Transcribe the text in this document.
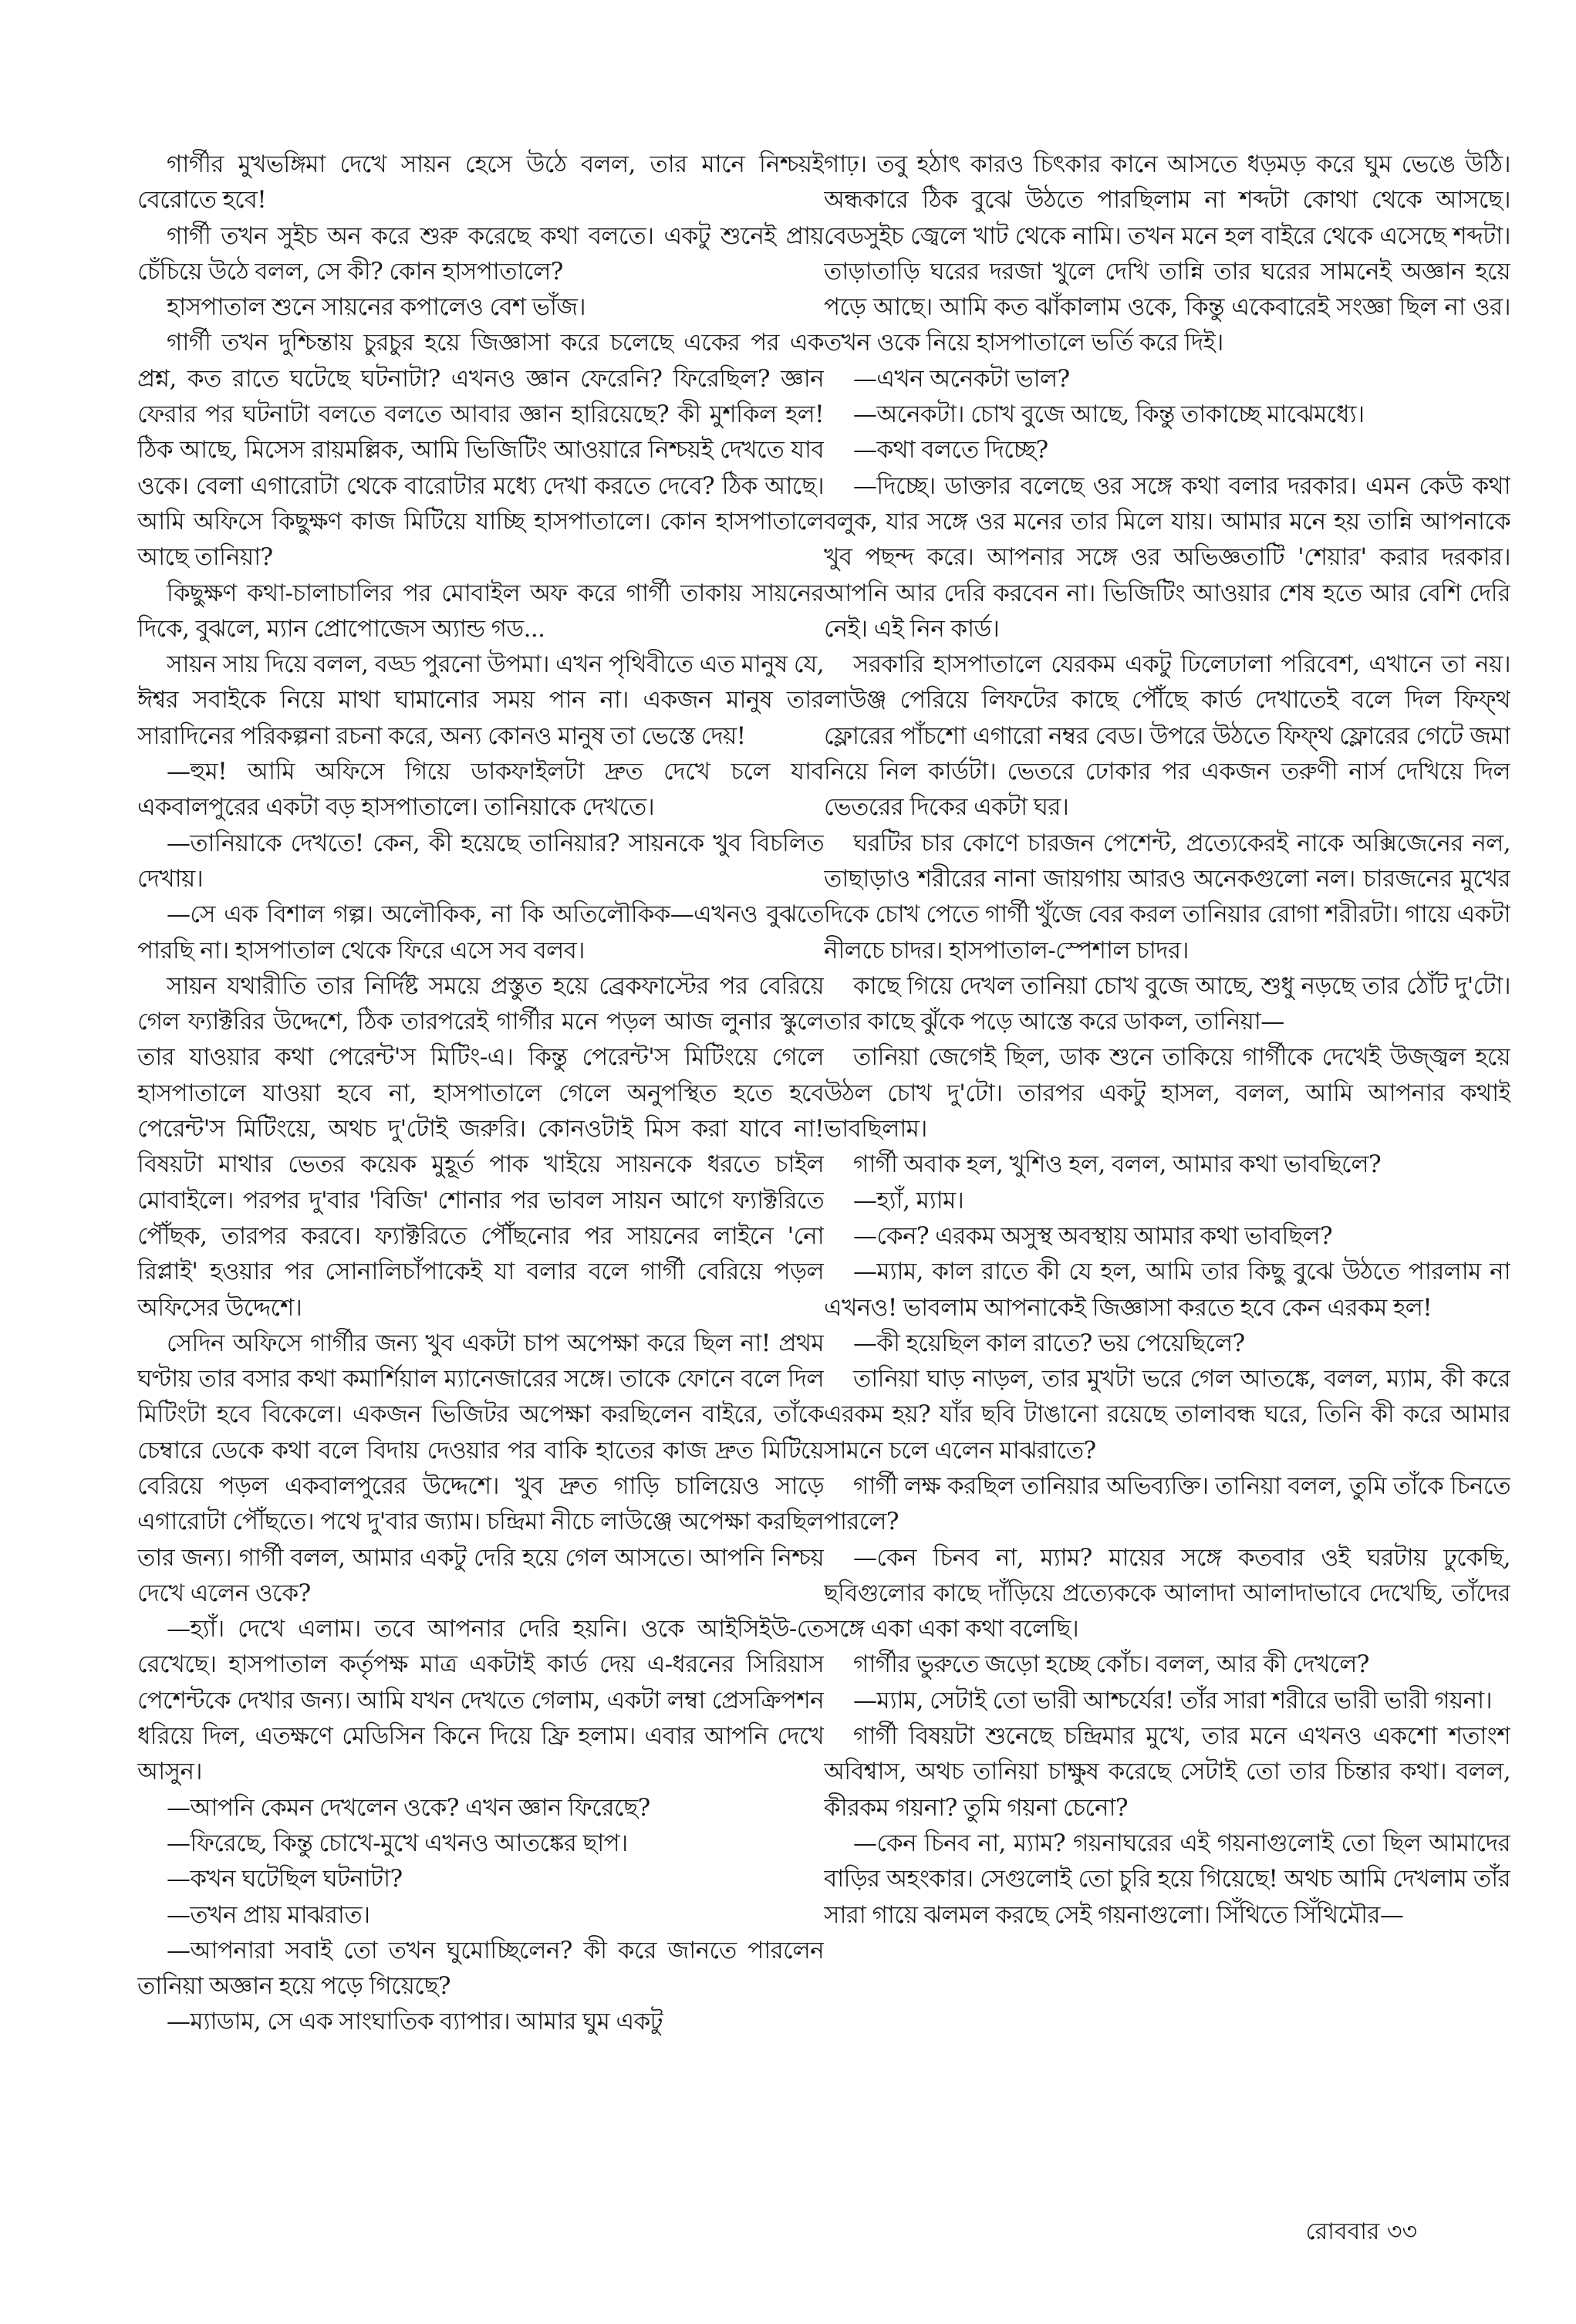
গার্গীর মুখভঙ্গিমা দেখে সায়ন হেসে উঠে বলল, তার মানে নিশ্চয়ই বেরোতে হবে!

গার্গী তখন সুইচ অন করে শুরু করেছে কথা বলতে। একটু শুনেই প্রায় চেঁচিয়ে উঠে বলল, সে কী? কোন হাসপাতালে?

হাসপাতাল শুনে সায়নের কপালেও বেশ ভাঁজ।

গার্গী তখন দুশ্চিন্তায় চুরচুর হয়ে জিজ্ঞাসা করে চলেছে একের পর এক প্রশ্ন, কত রাতে ঘটেছে ঘটনাটা? এখনও জ্ঞান ফেরেনি? ফিরেছিল? জ্ঞান ফেরার পর ঘটনাটা বলতে বলতে আবার জ্ঞান হারিয়েছে? কী মুশকিল হল! ঠিক আছে, মিসেস রায়মল্লিক, আমি ভিজিটিং আওয়ারে নিশ্চয়ই দেখতে যাব ওকে। বেলা এগারোটা থেকে বারোটার মধ্যে দেখা করতে দেবে? ঠিক আছে। আমি অফিসে কিছুক্ষণ কাজ মিটিয়ে যাচ্ছি হাসপাতালে। কোন হাসপাতালে আছে তানিয়া?

কিছুক্ষণ কথা-চালাচালির পর মোবাইল অফ করে গার্গী তাকায় সায়নের দিকে, বুঝলে, ম্যান প্রোপোজেস অ্যান্ড গড...

সায়ন সায় দিয়ে বলল, বড্ড পুরনো উপমা। এখন পৃথিবীতে এত মানুষ যে, ঈশ্বর সবাইকে নিয়ে মাথা ঘামানোর সময় পান না। একজন মানুষ তার সারাদিনের পরিকল্পনা রচনা করে, অন্য কোনও মানুষ তা ভেস্তে দেয়!

—হুম! আমি অফিসে গিয়ে ডাকফাইলটা দ্রুত দেখে চলে যাব একবালপুরের একটা বড় হাসপাতালে। তানিয়াকে দেখতে।

—তানিয়াকে দেখতে! কেন, কী হয়েছে তানিয়ার? সায়নকে খুব বিচলিত দেখায়।

—সে এক বিশাল গল্প। অলৌকিক, না কি অতিলৌকিক—এখনও বুঝতে পারছি না। হাসপাতাল থেকে ফিরে এসে সব বলব।

সায়ন যথারীতি তার নির্দিষ্ট সময়ে প্রস্তুত হয়ে ব্রেকফাস্টের পর বেরিয়ে গেল ফ্যাক্টরির উদ্দেশে, ঠিক তারপরেই গার্গীর মনে পড়ল আজ লুনার স্কুলে তার যাওয়ার কথা পেরেন্ট'স মিটিং-এ। কিন্তু পেরেন্ট'স মিটিংয়ে গেলে হাসপাতালে যাওয়া হবে না, হাসপাতালে গেলে অনুপস্থিত হতে হবে পেরেন্ট'স মিটিংয়ে, অথচ দু'টোই জরুরি। কোনওটাই মিস করা যাবে না! বিষয়টা মাথার ভেতর কয়েক মুহূর্ত পাক খাইয়ে সায়নকে ধরতে চাইল মোবাইলে। পরপর দু'বার 'বিজি' শোনার পর ভাবল সায়ন আগে ফ্যাক্টরিতে পৌঁছক, তারপর করবে। ফ্যাক্টরিতে পৌঁছনোর পর সায়নের লাইনে 'নো রিপ্লাই' হওয়ার পর সোনালিচাঁপাকেই যা বলার বলে গার্গী বেরিয়ে পড়ল অফিসের উদ্দেশে।

সেদিন অফিসে গার্গীর জন্য খুব একটা চাপ অপেক্ষা করে ছিল না! প্রথম ঘণ্টায় তার বসার কথা কমার্শিয়াল ম্যানেজারের সঙ্গে। তাকে ফোনে বলে দিল মিটিংটা হবে বিকেলে। একজন ভিজিটর অপেক্ষা করছিলেন বাইরে, তাঁকে চেম্বারে ডেকে কথা বলে বিদায় দেওয়ার পর বাকি হাতের কাজ দ্রুত মিটিয়ে বেরিয়ে পড়ল একবালপুরের উদ্দেশে। খুব দ্রুত গাড়ি চালিয়েও সাড়ে এগারোটা পৌঁছতে। পথে দু'বার জ্যাম। চন্দ্রিমা নীচে লাউঞ্জে অপেক্ষা করছিল তার জন্য। গার্গী বলল, আমার একটু দেরি হয়ে গেল আসতে। আপনি নিশ্চয় দেখে এলেন ওকে?

—হ্যাঁ। দেখে এলাম। তবে আপনার দেরি হয়নি। ওকে আইসিইউ-তে রেখেছে। হাসপাতাল কর্তৃপক্ষ মাত্র একটাই কার্ড দেয় এ-ধরনের সিরিয়াস পেশেন্টকে দেখার জন্য। আমি যখন দেখতে গেলাম, একটা লম্বা প্রেসক্রিপশন ধরিয়ে দিল, এতক্ষণে মেডিসিন কিনে দিয়ে ফ্রি হলাম। এবার আপনি দেখে আসুন।

—আপনি কেমন দেখলেন ওকে? এখন জ্ঞান ফিরেছে?

—ফিরেছে, কিন্তু চোখে-মুখে এখনও আতঙ্কের ছাপ।

—কখন ঘটেছিল ঘটনাটা?

—তখন প্রায় মাঝরাত।

—আপনারা সবাই তো তখন ঘুমোচ্ছিলেন? কী করে জানতে পারলেন তানিয়া অজ্ঞান হয়ে পড়ে গিয়েছে?

—ম্যাডাম, সে এক সাংঘাতিক ব্যাপার। আমার ঘুম একটু

গাঢ়। তবু হঠাৎ কারও চিৎকার কানে আসতে ধড়মড় করে ঘুম ভেঙে উঠি। অন্ধকারে ঠিক বুঝে উঠতে পারছিলাম না শব্দটা কোথা থেকে আসছে। বেডসুইচ জ্বেলে খাট থেকে নামি। তখন মনে হল বাইরে থেকে এসেছে শব্দটা। তাড়াতাড়ি ঘরের দরজা খুলে দেখি তান্নি তার ঘরের সামনেই অজ্ঞান হয়ে পড়ে আছে। আমি কত ঝাঁকালাম ওকে, কিন্তু একেবারেই সংজ্ঞা ছিল না ওর। তখন ওকে নিয়ে হাসপাতালে ভর্তি করে দিই।

—এখন অনেকটা ভাল?

—অনেকটা। চোখ বুজে আছে, কিন্তু তাকাচ্ছে মাঝেমধ্যে।

—কথা বলতে দিচ্ছে?

—দিচ্ছে। ডাক্তার বলেছে ওর সঙ্গে কথা বলার দরকার। এমন কেউ কথা বলুক, যার সঙ্গে ওর মনের তার মিলে যায়। আমার মনে হয় তান্নি আপনাকে খুব পছন্দ করে। আপনার সঙ্গে ওর অভিজ্ঞতাটি 'শেয়ার' করার দরকার। আপনি আর দেরি করবেন না। ভিজিটিং আওয়ার শেষ হতে আর বেশি দেরি নেই। এই নিন কার্ড।

সরকারি হাসপাতালে যেরকম একটু ঢিলেঢালা পরিবেশ, এখানে তা নয়। লাউঞ্জ পেরিয়ে লিফটের কাছে পৌঁছে কার্ড দেখাতেই বলে দিল ফিফ্থ ফ্লোরের পাঁচশো এগারো নম্বর বেড। উপরে উঠতে ফিফ্থ ফ্লোরের গেটে জমা নিয়ে নিল কার্ডটা। ভেতরে ঢোকার পর একজন তরুণী নার্স দেখিয়ে দিল ভেতরের দিকের একটা ঘর।

ঘরটির চার কোণে চারজন পেশেন্ট, প্রত্যেকেরই নাকে অক্সিজেনের নল, তাছাড়াও শরীরের নানা জায়গায় আরও অনেকগুলো নল। চারজনের মুখের দিকে চোখ পেতে গার্গী খুঁজে বের করল তানিয়ার রোগা শরীরটা। গায়ে একটা নীলচে চাদর। হাসপাতাল-স্পেশাল চাদর।

কাছে গিয়ে দেখল তানিয়া চোখ বুজে আছে, শুধু নড়ছে তার ঠোঁট দু'টো। তার কাছে ঝুঁকে পড়ে আস্তে করে ডাকল, তানিয়া—

তানিয়া জেগেই ছিল, ডাক শুনে তাকিয়ে গার্গীকে দেখেই উজ্জ্বল হয়ে উঠল চোখ দু'টো। তারপর একটু হাসল, বলল, আমি আপনার কথাই ভাবছিলাম।

গার্গী অবাক হল, খুশিও হল, বলল, আমার কথা ভাবছিলে?

—হ্যাঁ, ম্যাম।

—কেন? এরকম অসুস্থ অবস্থায় আমার কথা ভাবছিল?

—ম্যাম, কাল রাতে কী যে হল, আমি তার কিছু বুঝে উঠতে পারলাম না এখনও! ভাবলাম আপনাকেই জিজ্ঞাসা করতে হবে কেন এরকম হল!

—কী হয়েছিল কাল রাতে? ভয় পেয়েছিলে?

তানিয়া ঘাড় নাড়ল, তার মুখটা ভরে গেল আতঙ্কে, বলল, ম্যাম, কী করে এরকম হয়? যাঁর ছবি টাঙানো রয়েছে তালাবন্ধ ঘরে, তিনি কী করে আমার সামনে চলে এলেন মাঝরাতে?

গার্গী লক্ষ করছিল তানিয়ার অভিব্যক্তি। তানিয়া বলল, তুমি তাঁকে চিনতে পারলে?

—কেন চিনব না, ম্যাম? মায়ের সঙ্গে কতবার ওই ঘরটায় ঢুকেছি, ছবিগুলোর কাছে দাঁড়িয়ে প্রত্যেককে আলাদা আলাদাভাবে দেখেছি, তাঁদের সঙ্গে একা একা কথা বলেছি।

গার্গীর ভুরুতে জড়ো হচ্ছে কোঁচ। বলল, আর কী দেখলে?

—ম্যাম, সেটাই তো ভারী আশ্চর্যের! তাঁর সারা শরীরে ভারী ভারী গয়না।

গার্গী বিষয়টা শুনেছে চন্দ্রিমার মুখে, তার মনে এখনও একশো শতাংশ অবিশ্বাস, অথচ তানিয়া চাক্ষুষ করেছে সেটাই তো তার চিন্তার কথা। বলল, কীরকম গয়না? তুমি গয়না চেনো?

—কেন চিনব না, ম্যাম? গয়নাঘরের এই গয়নাগুলোই তো ছিল আমাদের বাড়ির অহংকার। সেগুলোই তো চুরি হয়ে গিয়েছে! অথচ আমি দেখলাম তাঁর সারা গায়ে ঝলমল করছে সেই গয়নাগুলো। সিঁথিতে সিঁথিমৌর—

রোববার ৩৩
